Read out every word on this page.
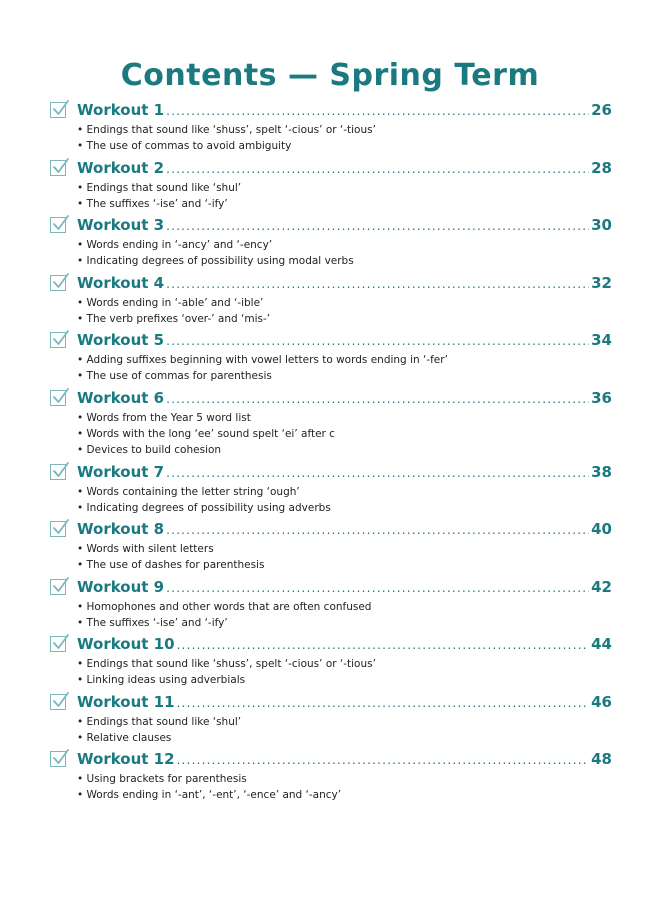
Contents — Spring Term
Workout 1 .....	26
• Endings that sound like ‘shuss’, spelt ‘-cious’ or ‘-tious’
• The use of commas to avoid ambiguity
Workout 2 .....	28
• Endings that sound like ‘shul’
• The suffixes ‘-ise’ and ‘-ify’
Workout 3 .....	30
• Words ending in ‘-ancy’ and ‘-ency’
• Indicating degrees of possibility using modal verbs
Workout 4 .....	32
• Words ending in ‘-able’ and ‘-ible’
• The verb prefixes ‘over-’ and ‘mis-’
Workout 5 .....	34
• Adding suffixes beginning with vowel letters to words ending in ‘-fer’
• The use of commas for parenthesis
Workout 6 .....	36
• Words from the Year 5 word list
• Words with the long ‘ee’ sound spelt ‘ei’ after c
• Devices to build cohesion
Workout 7 .....	38
• Words containing the letter string ‘ough’
• Indicating degrees of possibility using adverbs
Workout 8 .....	40
• Words with silent letters
• The use of dashes for parenthesis
Workout 9 .....	42
• Homophones and other words that are often confused
• The suffixes ‘-ise’ and ‘-ify’
Workout 10 .....	44
• Endings that sound like ‘shuss’, spelt ‘-cious’ or ‘-tious’
• Linking ideas using adverbials
Workout 11 .....	46
• Endings that sound like ‘shul’
• Relative clauses
Workout 12 .....	48
• Using brackets for parenthesis
• Words ending in ‘-ant’, ‘-ent’, ‘-ence’ and ‘-ancy’
